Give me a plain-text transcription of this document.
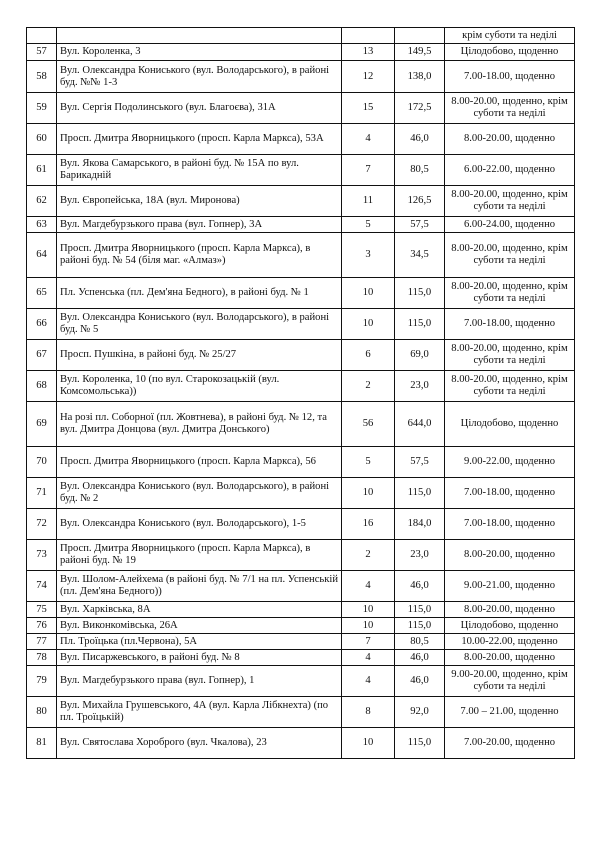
				крім суботи та неділі
57	Вул. Короленка, 3	13	149,5	Цілодобово, щоденно
58	Вул. Олександра Кониського (вул. Володарського), в районі буд. №№ 1-3	12	138,0	7.00-18.00, щоденно
59	Вул. Сергія Подолинського (вул. Благоєва), 31А	15	172,5	8.00-20.00, щоденно, крім суботи та неділі
60	Просп. Дмитра Яворницького (просп. Карла Маркса), 53А	4	46,0	8.00-20.00, щоденно
61	Вул. Якова Самарського, в районі буд. № 15А по вул. Барикадній	7	80,5	6.00-22.00, щоденно
62	Вул. Європейська, 18А (вул. Миронова)	11	126,5	8.00-20.00, щоденно, крім суботи та неділі
63	Вул. Магдебурзького права (вул. Гопнер), 3А	5	57,5	6.00-24.00, щоденно
64	Просп. Дмитра Яворницького (просп. Карла Маркса), в районі буд. № 54 (біля маг. «Алмаз»)	3	34,5	8.00-20.00, щоденно, крім суботи та неділі
65	Пл. Успенська (пл. Дем'яна Бедного), в районі буд. № 1	10	115,0	8.00-20.00, щоденно, крім суботи та неділі
66	Вул. Олександра Кониського (вул. Володарського), в районі буд. № 5	10	115,0	7.00-18.00, щоденно
67	Просп. Пушкіна, в районі буд. № 25/27	6	69,0	8.00-20.00, щоденно, крім суботи та неділі
68	Вул. Короленка, 10 (по вул. Старокозацькій (вул. Комсомольська))	2	23,0	8.00-20.00, щоденно, крім суботи та неділі
69	На розі пл. Соборної (пл. Жовтнева), в районі буд. № 12, та вул. Дмитра Донцова (вул. Дмитра Донського)	56	644,0	Цілодобово, щоденно
70	Просп. Дмитра Яворницького (просп. Карла Маркса), 56	5	57,5	9.00-22.00, щоденно
71	Вул. Олександра Кониського (вул. Володарського), в районі буд. № 2	10	115,0	7.00-18.00, щоденно
72	Вул. Олександра Кониського (вул. Володарського), 1-5	16	184,0	7.00-18.00, щоденно
73	Просп. Дмитра Яворницького (просп. Карла Маркса), в районі буд. № 19	2	23,0	8.00-20.00, щоденно
74	Вул. Шолом-Алейхема (в районі буд. № 7/1 на пл. Успенській (пл. Дем'яна Бедного))	4	46,0	9.00-21.00, щоденно
75	Вул. Харківська, 8А	10	115,0	8.00-20.00, щоденно
76	Вул. Виконкомівська, 26А	10	115,0	Цілодобово, щоденно
77	Пл. Троїцька (пл.Червона), 5А	7	80,5	10.00-22.00, щоденно
78	Вул. Писаржевського, в районі буд. № 8	4	46,0	8.00-20.00, щоденно
79	Вул. Магдебурзького права (вул. Гопнер), 1	4	46,0	9.00-20.00, щоденно, крім суботи та неділі
80	Вул. Михайла Грушевського, 4А (вул. Карла Лібкнехта) (по пл. Троїцькій)	8	92,0	7.00 – 21.00, щоденно
81	Вул. Святослава Хороброго (вул. Чкалова), 23	10	115,0	7.00-20.00, щоденно
